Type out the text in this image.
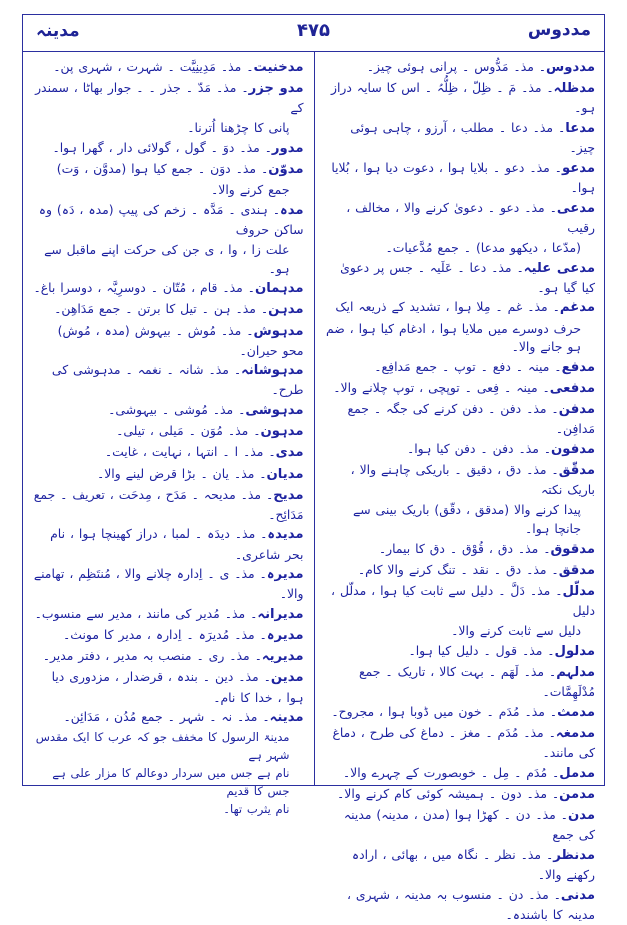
مددوس
۵۷۴
مدینہ

مددوس۔ مذ۔ مَدُّوس ۔ پرانی ہوئی چیز۔

مدظلہ۔ مذ۔ مَ ۔ ظِلّ ، ظِلُّہُ ۔ اس کا سایہ دراز ہو۔

مدعا۔ مذ۔ دعا ۔ مطلب ، آرزو ، چاہی ہوئی چیز۔

مدعو۔ مذ۔ دعو ۔ بلایا ہوا ، دعوت دیا ہوا ، بُلایا ہوا۔

مدعی۔ مذ۔ دعو ۔ دعویٰ کرنے والا ، مخالف ، رقیب

(مدّعا ، دیکھو مدعا) ۔ جمع مُدَّعیات۔

مدعی علیہ۔ مذ۔ دعا ۔ عَلَیہ ۔ جس پر دعویٰ کیا گیا ہو۔

مدغم۔ مذ۔ غم ۔ مِلا ہوا ، تشدید کے ذریعہ ایک

حرف دوسرے میں ملایا ہوا ، ادغام کیا ہوا ، ضم ہو جانے والا۔

مدفع۔ مینہ ۔ دفع ۔ توپ ۔ جمع مَدافِع۔

مدفعی۔ مینہ ۔ فِعی ۔ توپچی ، توپ چلانے والا۔

مدفن۔ مذ۔ دفن ۔ دفن کرنے کی جگہ ۔ جمع مَدافِن۔

مدفون۔ مذ۔ دفن ۔ دفن کیا ہوا۔

مدقّق۔ مذ۔ دق ، دقیق ۔ باریکی چاہنے والا ، باریک نکتہ

پیدا کرنے والا (مدقق ، دقّق) باریک بینی سے جانچا ہوا۔

مدقوق۔ مذ۔ دق ، قُوْق ۔ دق کا بیمار۔

مدقق۔ مذ۔ دق ۔ نقد ۔ تنگ کرنے والا کام۔

مدلّل۔ مذ۔ دَلَّ ۔ دلیل سے ثابت کیا ہوا ، مدلّل ، دلیل

دلیل سے ثابت کرنے والا۔

مدلول۔ مذ۔ قول ۔ دلیل کیا ہوا۔

مدلہم۔ مذ۔ لَھَم ۔ بہت کالا ، تاریک ۔ جمع مُدْلَهِمَّات۔

مدمث۔ مذ۔ مُدَم ۔ خون میں ڈوبا ہوا ، مجروح۔

مدمغہ۔ مذ۔ مُدَم ۔ مغز ۔ دماغ کی طرح ، دماغ کی مانند۔

مدمل۔ مُدَم ۔ مِل ۔ خوبصورت کے چہرے والا۔

مدمن۔ مذ۔ دون ۔ ہمیشہ کوئی کام کرنے والا۔

مدن۔ مذ۔ دن ۔ کھڑا ہوا (مدن ، مدینہ) مدینہ کی جمع

مدنظر۔ مذ۔ نظر ۔ نگاہ میں ، بھائی ، ارادہ رکھنے والا۔

مدنی۔ مذ۔ دن ۔ منسوب بہ مدینہ ، شہری ، مدینہ کا باشندہ۔

مدخنیت۔ مذ۔ مَدِینِیَّت ۔ شہرت ، شہری پن۔

مدو جزر۔ مذ۔ مَدّ ۔ جذر ۔ ۔ جوار بھاٹا ، سمندر کے

پانی کا چڑھنا اُترنا۔

مدور۔ مذ۔ دوَ ۔ گول ، گولائی دار ، گھرا ہوا۔

مدوّن۔ مذ۔ دوَن ۔ جمع کیا ہوا (مدوَّن ، وَت)

جمع کرنے والا۔

مدہ۔ ہندی ۔ مَدَّہ ۔ زخم کی پیپ (مدہ ، دَہ) وہ ساکن حروف

علت زا ، وا ، ی جن کی حرکت اپنے ماقبل سے ہو۔

مدہمان۔ مذ۔ قام ، مُتّان ۔ دوسرِیَّہ ، دوسرا باغ۔

مدہن۔ مذ۔ ہن ۔ تیل کا برتن ۔ جمع مَدَاهِن۔

مدہوش۔ مذ۔ مُوش ۔ بیہوش (مدہ ، مُوش) محو حیران۔

مدہوشانہ۔ مذ۔ شانہ ۔ نغمہ ۔ مدہوشی کی طرح۔

مدہوشی۔ مذ۔ مُوشی ۔ بیہوشی۔

مدہون۔ مذ۔ مُوَن ۔ مَیلی ، تیلی۔

مدی۔ مذ۔ ا ۔ انتہا ، نہایت ، غایت۔

مدیان۔ مذ۔ یان ۔ بڑا قرض لینے والا۔

مدیح۔ مذ۔ مدیحہ ۔ مَدَح ، مِدحَت ، تعریف ۔ جمع مَدَائِح۔

مدیدہ۔ مذ۔ دیدَہ ۔ لمبا ، دراز کھینچا ہوا ، نام بحر شاعری۔

مدیرہ۔ مذ۔ ی ۔ اِدارہ چلانے والا ، مُنتَظِم ، تھامنے والا۔

مدیرانہ۔ مذ۔ مُدیر کی مانند ، مدیر سے منسوب۔

مدیرہ۔ مذ۔ مُدیرَہ ۔ اِدارہ ، مدیر کا مونث۔

مدیریہ۔ مذ۔ ری ۔ منصب بہ مدیر ، دفتر مدیر۔

مدین۔ مذ۔ دین ۔ بندہ ، قرضدار ، مزدوری دیا ہوا ، خدا کا نام۔

مدینہ۔ مذ۔ نہ ۔ شہر ۔ جمع مُدُن ، مَدَائِن۔

مدینۃ الرسول کا مخفف جو کہ عرب کا ایک مقدس شہر ہے

نام ہے جس میں سردار دوعالم کا مزار علی ہے جس کا قدیم

نام یثرب تھا۔
